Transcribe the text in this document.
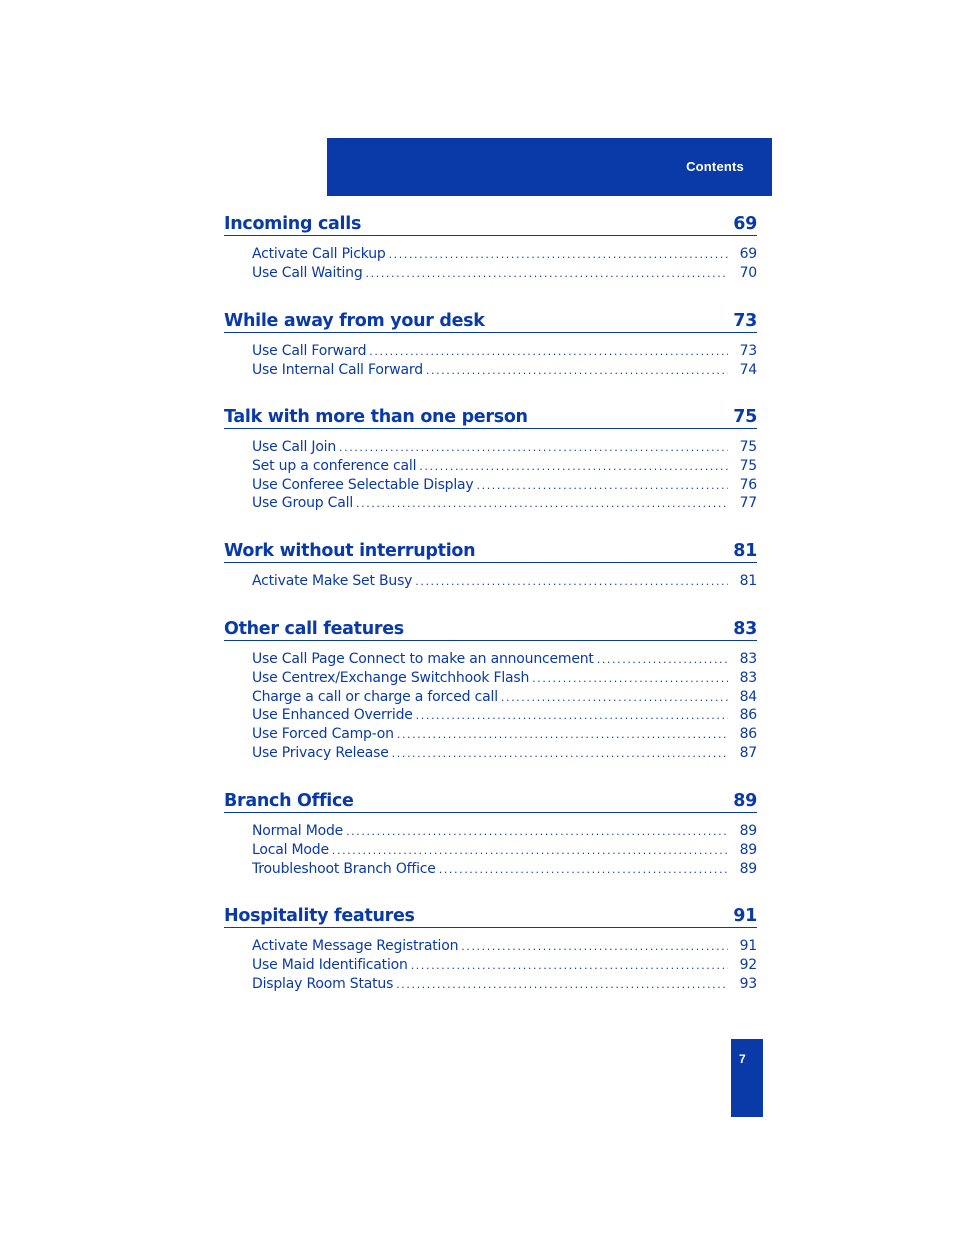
Contents
Incoming calls	69
Activate Call Pickup .....	69
Use Call Waiting .....	70
While away from your desk	73
Use Call Forward .....	73
Use Internal Call Forward .....	74
Talk with more than one person	75
Use Call Join .....	75
Set up a conference call .....	75
Use Conferee Selectable Display .....	76
Use Group Call .....	77
Work without interruption	81
Activate Make Set Busy .....	81
Other call features	83
Use Call Page Connect to make an announcement .....	83
Use Centrex/Exchange Switchhook Flash .....	83
Charge a call or charge a forced call .....	84
Use Enhanced Override .....	86
Use Forced Camp-on .....	86
Use Privacy Release .....	87
Branch Office	89
Normal Mode .....	89
Local Mode .....	89
Troubleshoot Branch Office .....	89
Hospitality features	91
Activate Message Registration .....	91
Use Maid Identification .....	92
Display Room Status .....	93
7
